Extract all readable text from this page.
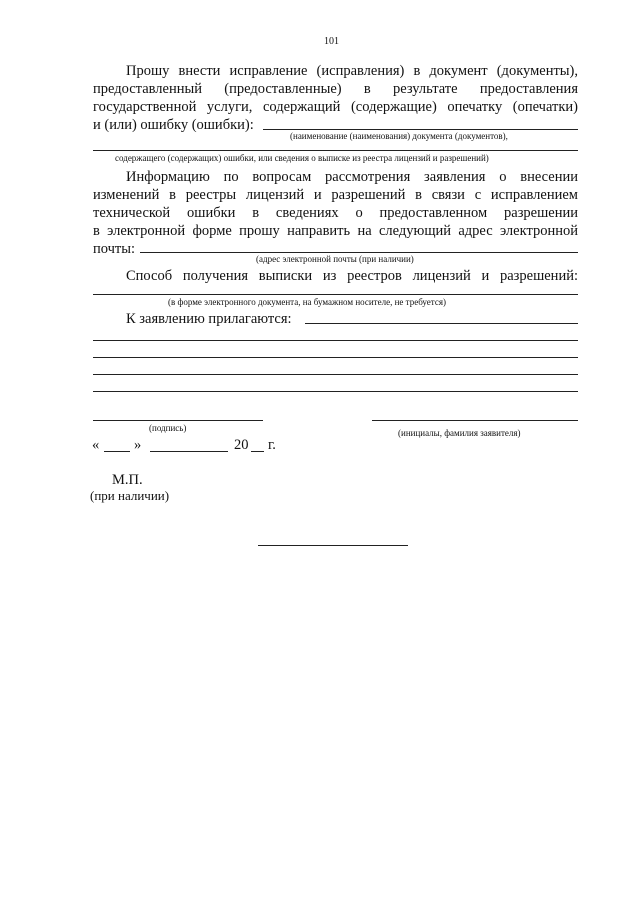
101
Прошу внести исправление (исправления) в документ (документы),
предоставленный (предоставленные) в результате предоставления
государственной услуги, содержащий (содержащие) опечатку (опечатки)
и (или) ошибку (ошибки):
(наименование (наименования) документа (документов),
содержащего (содержащих) ошибки, или сведения о выписке из реестра лицензий и разрешений)
Информацию по вопросам рассмотрения заявления о внесении
изменений в реестры лицензий и разрешений в связи с исправлением
технической ошибки в сведениях о предоставленном разрешении
в электронной форме прошу направить на следующий адрес электронной
почты:
(адрес электронной почты (при наличии)
Способ получения выписки из реестров лицензий и разрешений:
(в форме электронного документа, на бумажном носителе, не требуется)
К заявлению прилагаются:
(подпись)	(инициалы, фамилия заявителя)
« »	20 г.
М.П.
(при наличии)
